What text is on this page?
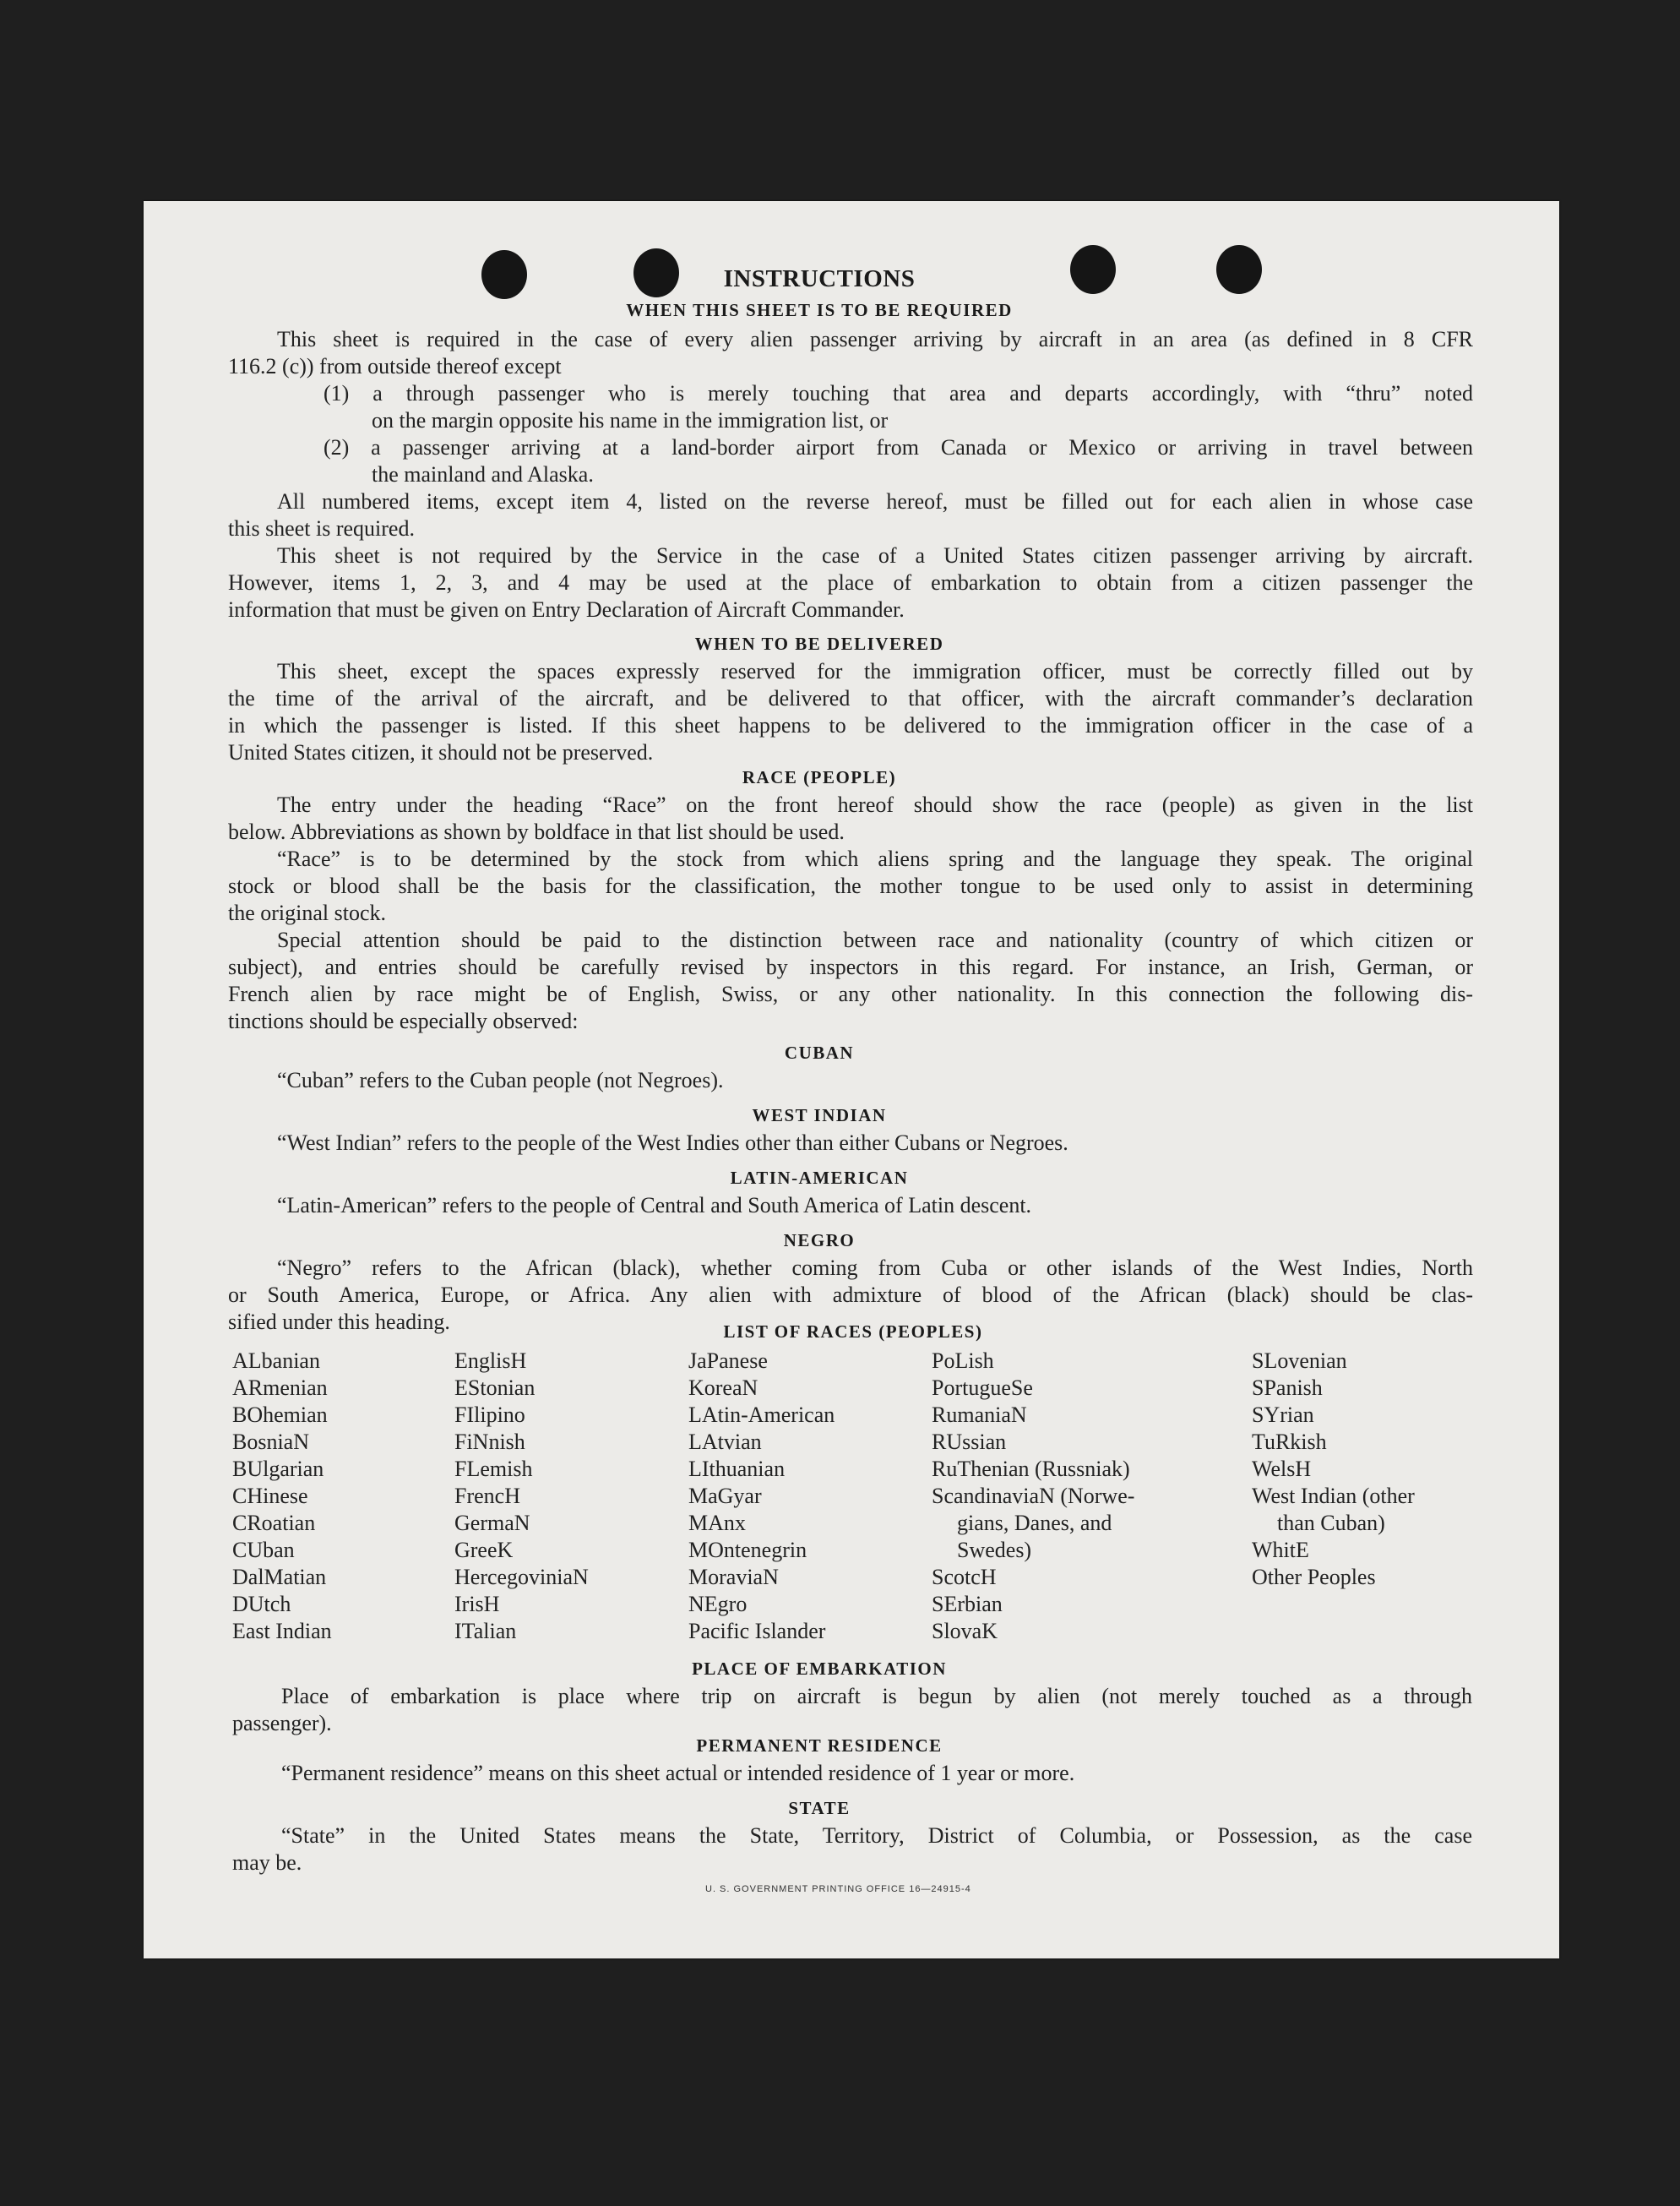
INSTRUCTIONS
WHEN THIS SHEET IS TO BE REQUIRED
This sheet is required in the case of every alien passenger arriving by aircraft in an area (as defined in 8 CFR
116.2 (c)) from outside thereof except
(1) a through passenger who is merely touching that area and departs accordingly, with “thru” noted
on the margin opposite his name in the immigration list, or
(2) a passenger arriving at a land-border airport from Canada or Mexico or arriving in travel between
the mainland and Alaska.
All numbered items, except item 4, listed on the reverse hereof, must be filled out for each alien in whose case
this sheet is required.
This sheet is not required by the Service in the case of a United States citizen passenger arriving by aircraft.
However, items 1, 2, 3, and 4 may be used at the place of embarkation to obtain from a citizen passenger the
information that must be given on Entry Declaration of Aircraft Commander.
WHEN TO BE DELIVERED
This sheet, except the spaces expressly reserved for the immigration officer, must be correctly filled out by
the time of the arrival of the aircraft, and be delivered to that officer, with the aircraft commander’s declaration
in which the passenger is listed. If this sheet happens to be delivered to the immigration officer in the case of a
United States citizen, it should not be preserved.
RACE (PEOPLE)
The entry under the heading “Race” on the front hereof should show the race (people) as given in the list
below. Abbreviations as shown by boldface in that list should be used.
“Race” is to be determined by the stock from which aliens spring and the language they speak. The original
stock or blood shall be the basis for the classification, the mother tongue to be used only to assist in determining
the original stock.
Special attention should be paid to the distinction between race and nationality (country of which citizen or
subject), and entries should be carefully revised by inspectors in this regard. For instance, an Irish, German, or
French alien by race might be of English, Swiss, or any other nationality. In this connection the following dis-
tinctions should be especially observed:
CUBAN
“Cuban” refers to the Cuban people (not Negroes).
WEST INDIAN
“West Indian” refers to the people of the West Indies other than either Cubans or Negroes.
LATIN-AMERICAN
“Latin-American” refers to the people of Central and South America of Latin descent.
NEGRO
“Negro” refers to the African (black), whether coming from Cuba or other islands of the West Indies, North
or South America, Europe, or Africa. Any alien with admixture of blood of the African (black) should be clas-
sified under this heading.	LIST OF RACES (PEOPLES)
ALbanian
ARmenian
BOhemian
BosniaN
BUlgarian
CHinese
CRoatian
CUban
DalMatian
DUtch
East Indian
EnglisH
EStonian
FIlipino
FiNnish
FLemish
FrencH
GermaN
GreeK
HercegoviniaN
IrisH
ITalian
JaPanese
KoreaN
LAtin-American
LAtvian
LIthuanian
MaGyar
MAnx
MOntenegrin
MoraviaN
NEgro
Pacific Islander
PoLish
PortugueSe
RumaniaN
RUssian
RuThenian (Russniak)
ScandinaviaN (Norwe-
gians, Danes, and
Swedes)
ScotcH
SErbian
SlovaK
SLovenian
SPanish
SYrian
TuRkish
WelsH
West Indian (other
than Cuban)
WhitE
Other Peoples
PLACE OF EMBARKATION
Place of embarkation is place where trip on aircraft is begun by alien (not merely touched as a through
passenger).
PERMANENT RESIDENCE
“Permanent residence” means on this sheet actual or intended residence of 1 year or more.
STATE
“State” in the United States means the State, Territory, District of Columbia, or Possession, as the case
may be.
U. S. GOVERNMENT PRINTING OFFICE 16—24915-4
